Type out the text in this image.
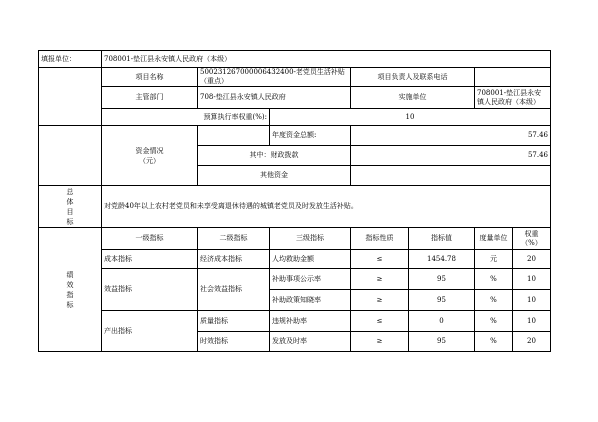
填报单位：	708001-垫江县永安镇人民政府（本级）						
	项目名称	500231267000006432400-老党员生活补贴（重点）		项目负责人及联系电话			
	主管部门	708-垫江县永安镇人民政府		实施单位		708001-垫江县永安镇人民政府（本级）	
	预算执行率权重(%):		10				

	资金情况（元）		年度资金总额:	57.46			
		其中：财政拨款		57.46			
		其他资金					

总体目标	对党龄40年以上农村老党员和未享受离退休待遇的城镇老党员及时发放生活补贴。						

绩效指标	一级指标	二级指标	三级指标	指标性质	指标值	度量单位	权重（%）

	成本指标	经济成本指标	人均救助金额	≤	1454.78	元	20
	效益指标	社会效益指标	补助事项公示率	≥	95	%	10
			补助政策知晓率	≥	95	%	10
	产出指标	质量指标	违规补助率	≤	0	%	10
		时效指标	发放及时率	≥	95	%	20
